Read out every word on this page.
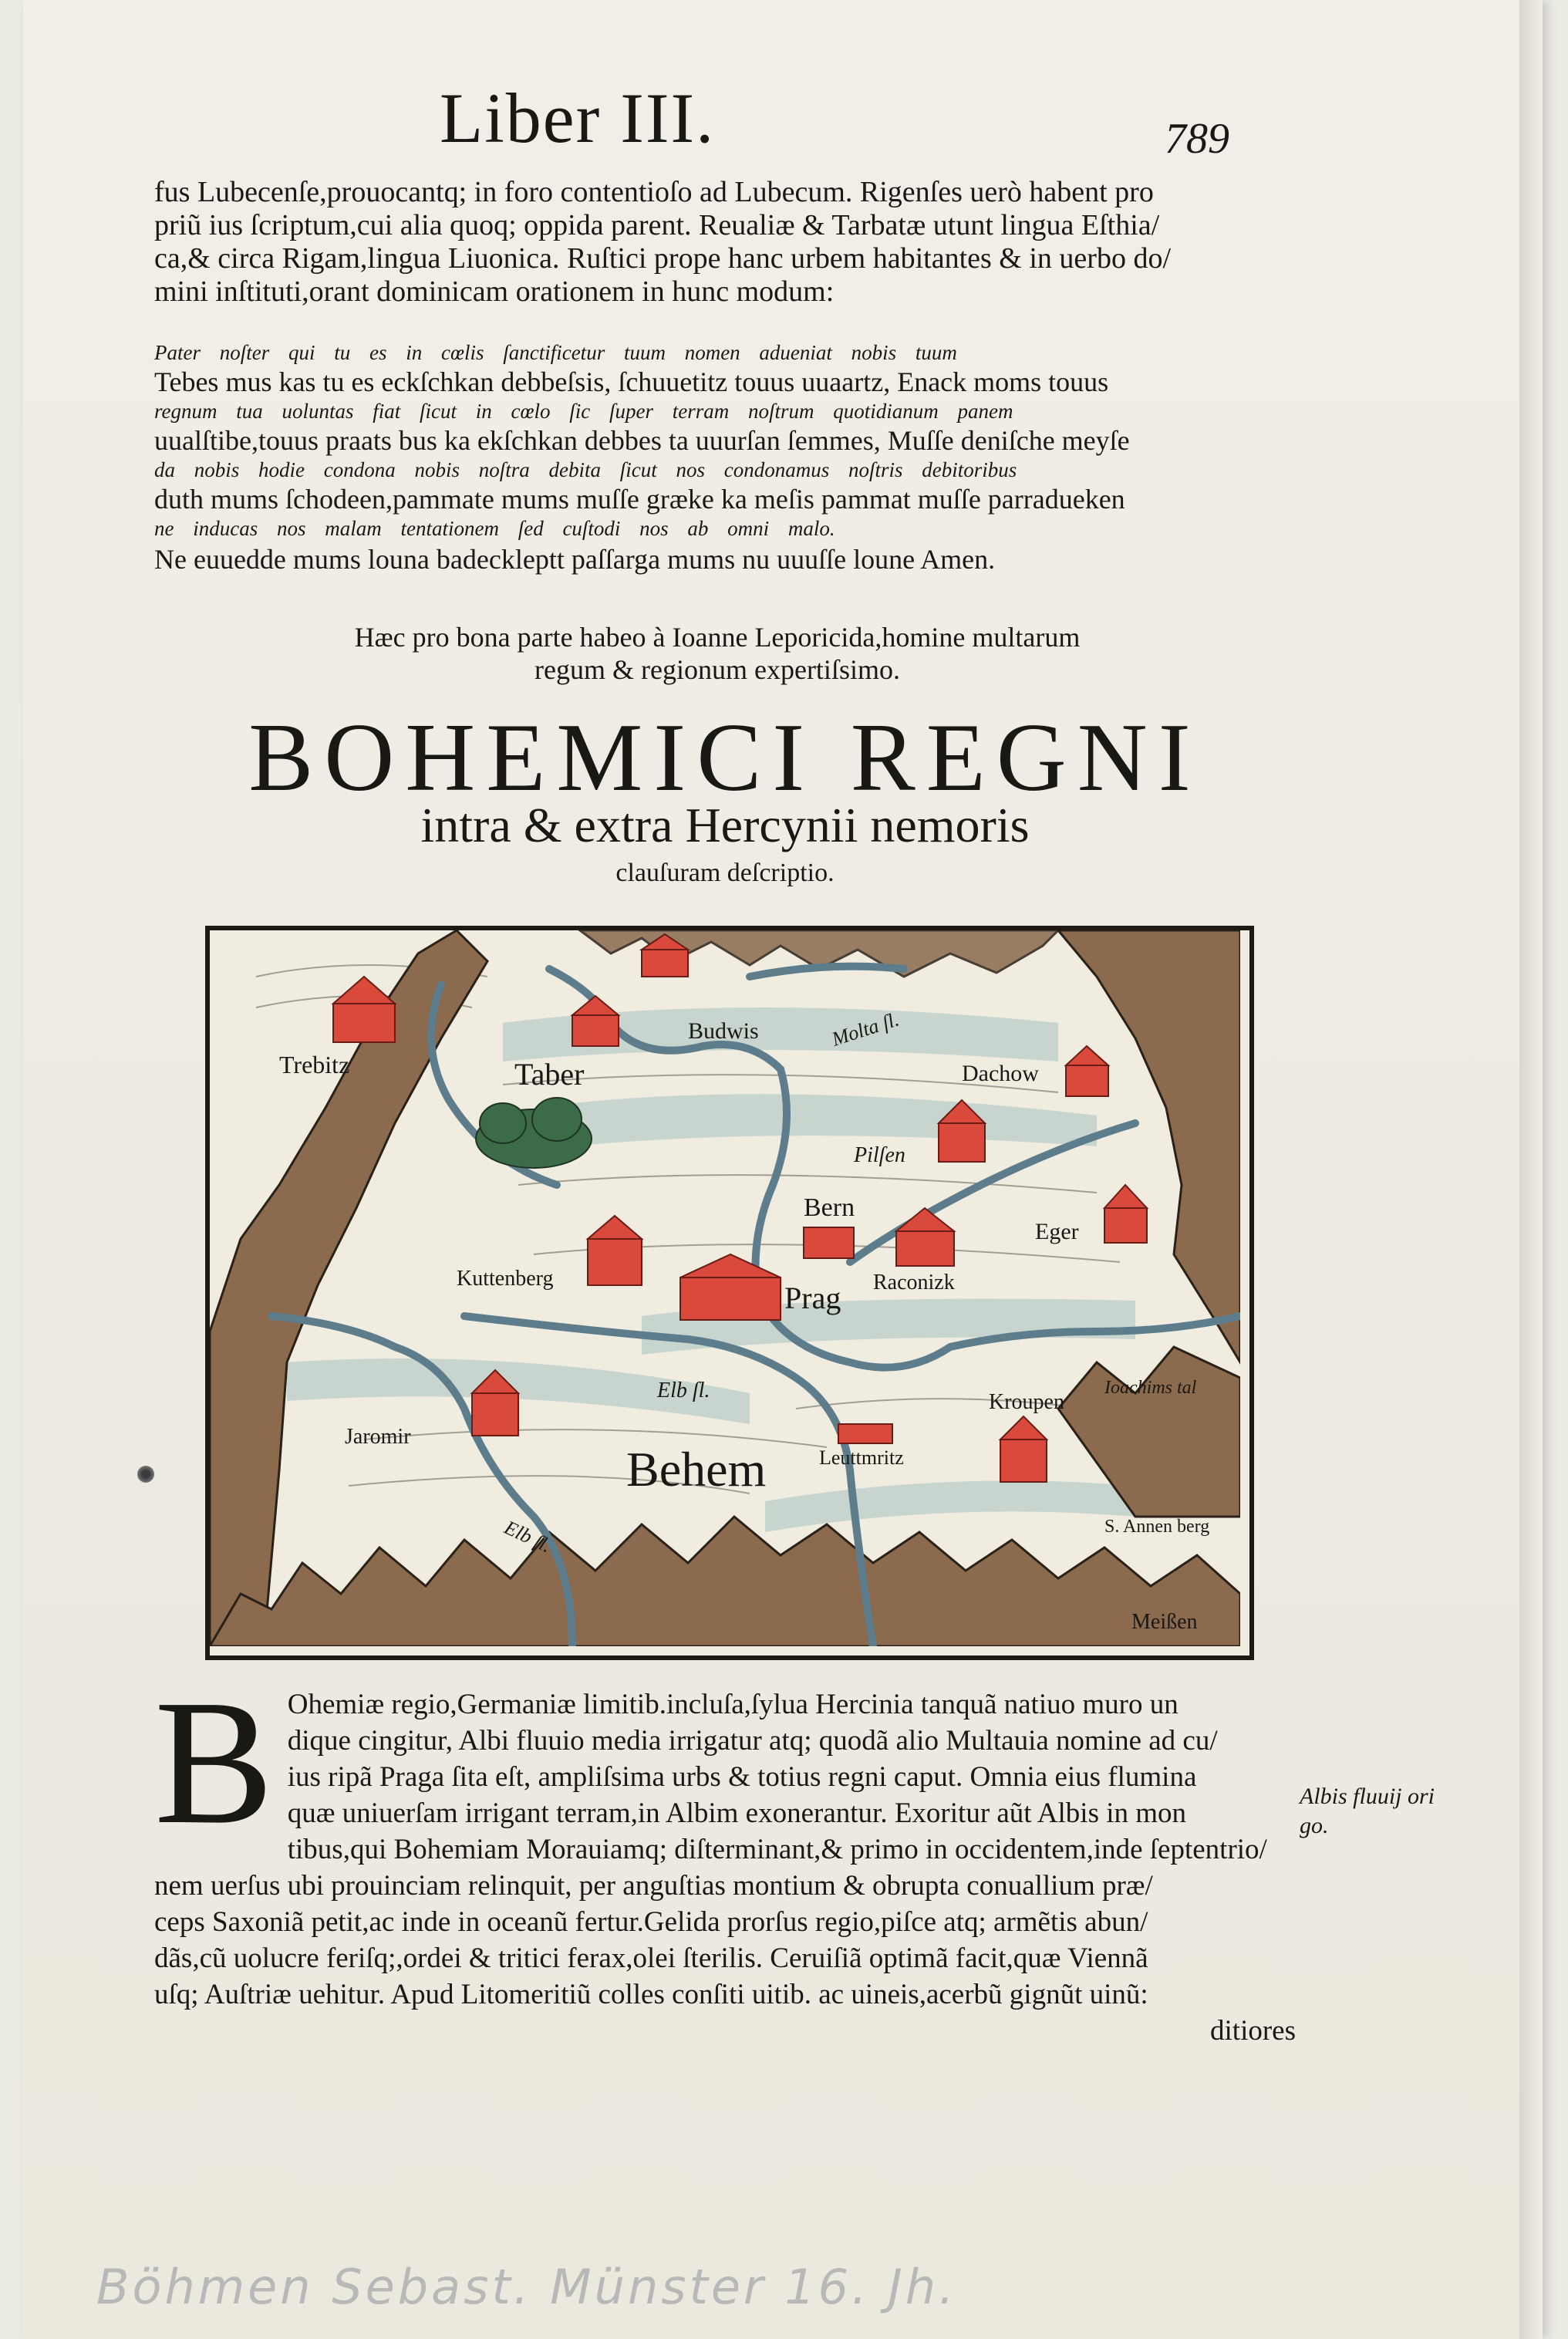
Liber III.	789
fus Lubecenſe,prouocantq; in foro contentioſo ad Lubecum. Rigenſes uerò habent pro
priũ ius ſcriptum,cui alia quoq; oppida parent. Reualiæ & Tarbatæ utunt lingua Eſthia/
ca,& circa Rigam,lingua Liuonica. Ruſtici prope hanc urbem habitantes & in uerbo do/
mini inſtituti,orant dominicam orationem in hunc modum:
Pater noſter qui tu es in cœlis ſanctificetur tuum nomen adueniat nobis tuum
Tebes mus kas tu es eckſchkan debbeſsis, ſchuuetitz touus uuaartz, Enack moms touus
regnum tua uoluntas fiat ſicut in cœlo ſic ſuper terram noſtrum quotidianum panem
uualſtibe,touus praats bus ka ekſchkan debbes ta uuurſan ſemmes, Muſſe deniſche meyſe
da nobis hodie condona nobis noſtra debita ſicut nos condonamus noſtris debitoribus
duth mums ſchodeen,pammate mums muſſe græke ka meſis pammat muſſe parradueken
ne inducas nos malam tentationem ſed cuſtodi nos ab omni malo.
Ne euuedde mums louna badeckleptt paſſarga mums nu uuuſſe loune Amen.
Hæc pro bona parte habeo à Ioanne Leporicida,homine multarum
regum & regionum expertiſsimo.
BOHEMICI REGNI
intra & extra Hercynii nemoris
clauſuram deſcriptio.
Trebitz
Budwis	Molta ſl.
Taber	Dachow
Pilſen
Bern
Eger
Kuttenberg
Prag Raconizk
Elb ſl.	Kroupen
Ioachims tal
Jaromir
Behem	Leuttmritz
Elb ſl.	S. Annen berg
Meißen
B Ohemiæ regio,Germaniæ limitib.incluſa,ſylua Hercinia tanquã natiuo muro un
dique cingitur, Albi fluuio media irrigatur atq; quodã alio Multauia nomine ad cu/
ius ripã Praga ſita eſt, ampliſsima urbs & totius regni caput. Omnia eius flumina
quæ uniuerſam irrigant terram,in Albim exonerantur. Exoritur aũt Albis in mon
tibus,qui Bohemiam Morauiamq; diſterminant,& primo in occidentem,inde ſeptentrio/
nem uerſus ubi prouinciam relinquit, per anguſtias montium & obrupta conuallium præ/
ceps Saxoniã petit,ac inde in oceanũ fertur.Gelida prorſus regio,piſce atq; armẽtis abun/
dãs,cũ uolucre feriſq;,ordei & tritici ferax,olei ſterilis. Ceruiſiã optimã facit,quæ Viennã
uſq; Auſtriæ uehitur. Apud Litomeritiũ colles conſiti uitib. ac uineis,acerbũ gignũt uinũ:
ditiores
Albis fluuij ori go.
Böhmen Sebast. Münster 16. Jh.
